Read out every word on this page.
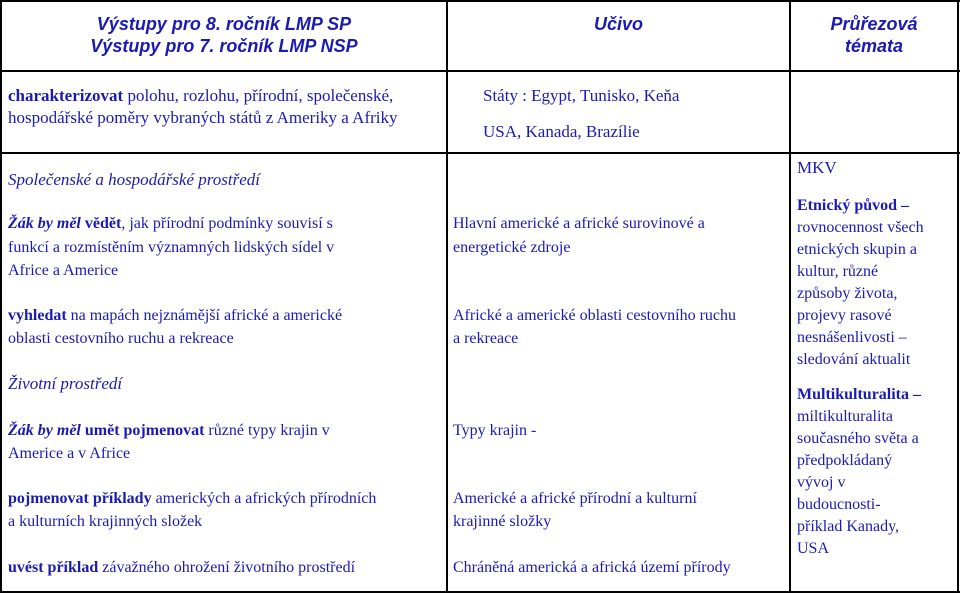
Výstupy pro 8. ročník LMP SP
Výstupy pro 7. ročník LMP NSP
Učivo	Průřezová
témata
charakterizovat polohu, rozlohu, přírodní, společenské,
hospodářské poměry vybraných států z Ameriky a Afriky
Státy : Egypt, Tunisko, Keňa
USA, Kanada, Brazílie
Společenské a hospodářské prostředí
Žák by měl vědět, jak přírodní podmínky souvisí s
funkcí a rozmístěním významných lidských sídel v
Africe a Americe
vyhledat na mapách nejznámější africké a americké
oblasti cestovního ruchu a rekreace
Hlavní americké a africké surovinové a
energetické zdroje
Africké a americké oblasti cestovního ruchu
a rekreace
Životní prostředí
Žák by měl umět pojmenovat různé typy krajin v
Americe a v Africe
pojmenovat příklady amerických a afrických přírodních
a kulturních krajinných složek
uvést příklad závažného ohrožení životního prostředí
Typy krajin -
Americké a africké přírodní a kulturní
krajinné složky
Chráněná americká a africká území přírody
MKV
Etnický původ –
rovnocennost všech
etnických skupin a
kultur, různé
způsoby života,
projevy rasové
nesnášenlivosti –
sledování aktualit
Multikulturalita –
miltikulturalita
současného světa a
předpokládaný
vývoj v
budoucnosti-
příklad Kanady,
USA
